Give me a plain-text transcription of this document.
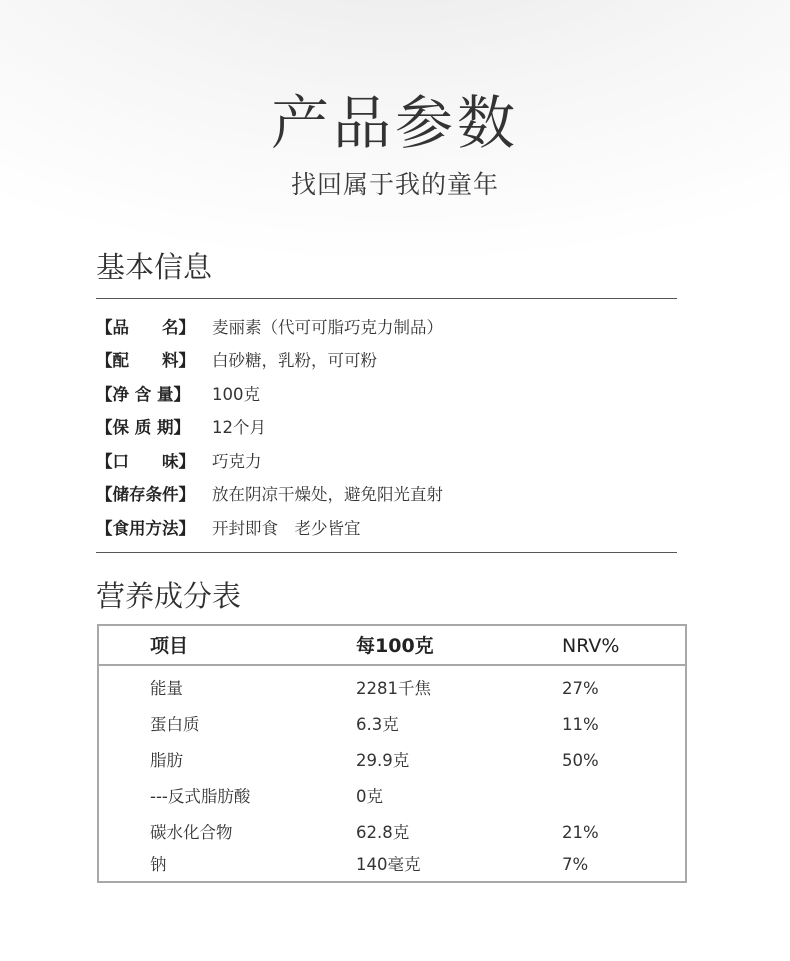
产品参数
找回属于我的童年
基本信息
【品　　名】	麦丽素（代可可脂巧克力制品）
【配　　料】	白砂糖，乳粉，可可粉
【净 含 量】	100克
【保 质 期】	12个月
【口　　味】	巧克力
【储存条件】	放在阴凉干燥处，避免阳光直射
【食用方法】	开封即食　老少皆宜
营养成分表
项目	每100克	NRV%
能量	2281千焦	27%
蛋白质	6.3克	11%
脂肪	29.9克	50%
---反式脂肪酸	0克
碳水化合物	62.8克	21%
钠	140毫克	7%
